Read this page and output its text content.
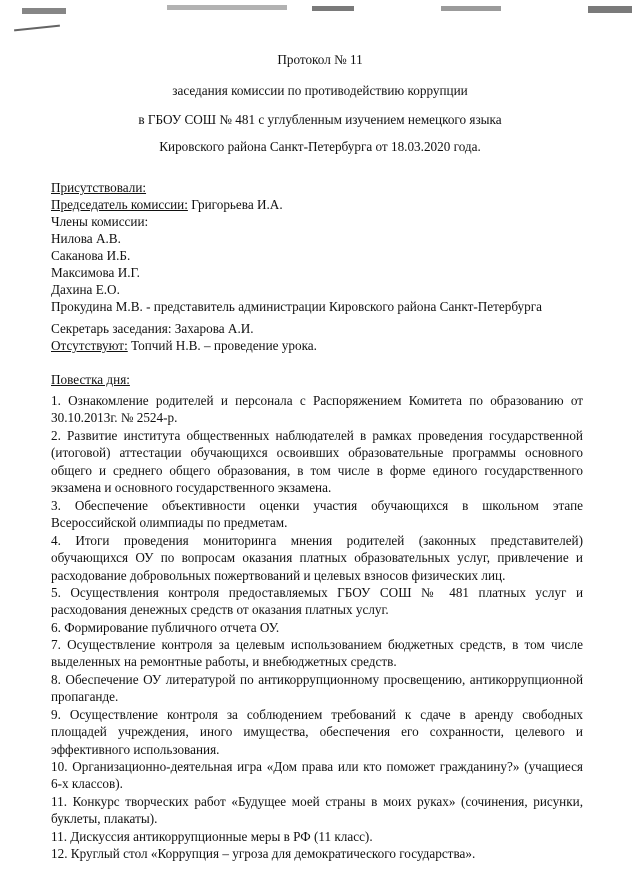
Протокол № 11
заседания комиссии по противодействию коррупции
в ГБОУ СОШ № 481 с углубленным изучением немецкого языка
Кировского района Санкт-Петербурга от 18.03.2020 года.
Присутствовали:
Председатель комиссии: Григорьева И.А.
Члены комиссии:
Нилова А.В.
Саканова И.Б.
Максимова И.Г.
Дахина Е.О.
Прокудина М.В. - представитель администрации Кировского района Санкт-Петербурга
Секретарь заседания: Захарова А.И.
Отсутствуют: Топчий Н.В. – проведение урока.
Повестка дня:
1. Ознакомление родителей и персонала с Распоряжением Комитета по образованию от 30.10.2013г. № 2524-р.
2. Развитие института общественных наблюдателей в рамках проведения государственной (итоговой) аттестации обучающихся освоивших образовательные программы основного общего и среднего общего образования, в том числе в форме единого государственного экзамена и основного государственного экзамена.
3. Обеспечение объективности оценки участия обучающихся в школьном этапе Всероссийской олимпиады по предметам.
4. Итоги проведения мониторинга мнения родителей (законных представителей) обучающихся ОУ по вопросам оказания платных образовательных услуг, привлечение и расходование добровольных пожертвований и целевых взносов физических лиц.
5. Осуществления контроля предоставляемых ГБОУ СОШ № 481 платных услуг и расходования денежных средств от оказания платных услуг.
6. Формирование публичного отчета ОУ.
7. Осуществление контроля за целевым использованием бюджетных средств, в том числе выделенных на ремонтные работы, и внебюджетных средств.
8. Обеспечение ОУ литературой по антикоррупционному просвещению, антикоррупционной пропаганде.
9. Осуществление контроля за соблюдением требований к сдаче в аренду свободных площадей учреждения, иного имущества, обеспечения его сохранности, целевого и эффективного использования.
10. Организационно-деятельная игра «Дом права или кто поможет гражданину?» (учащиеся 6-х классов).
11. Конкурс творческих работ «Будущее моей страны в моих руках» (сочинения, рисунки, буклеты, плакаты).
11. Дискуссия антикоррупционные меры в РФ (11 класс).
12. Круглый стол «Коррупция – угроза для демократического государства».
